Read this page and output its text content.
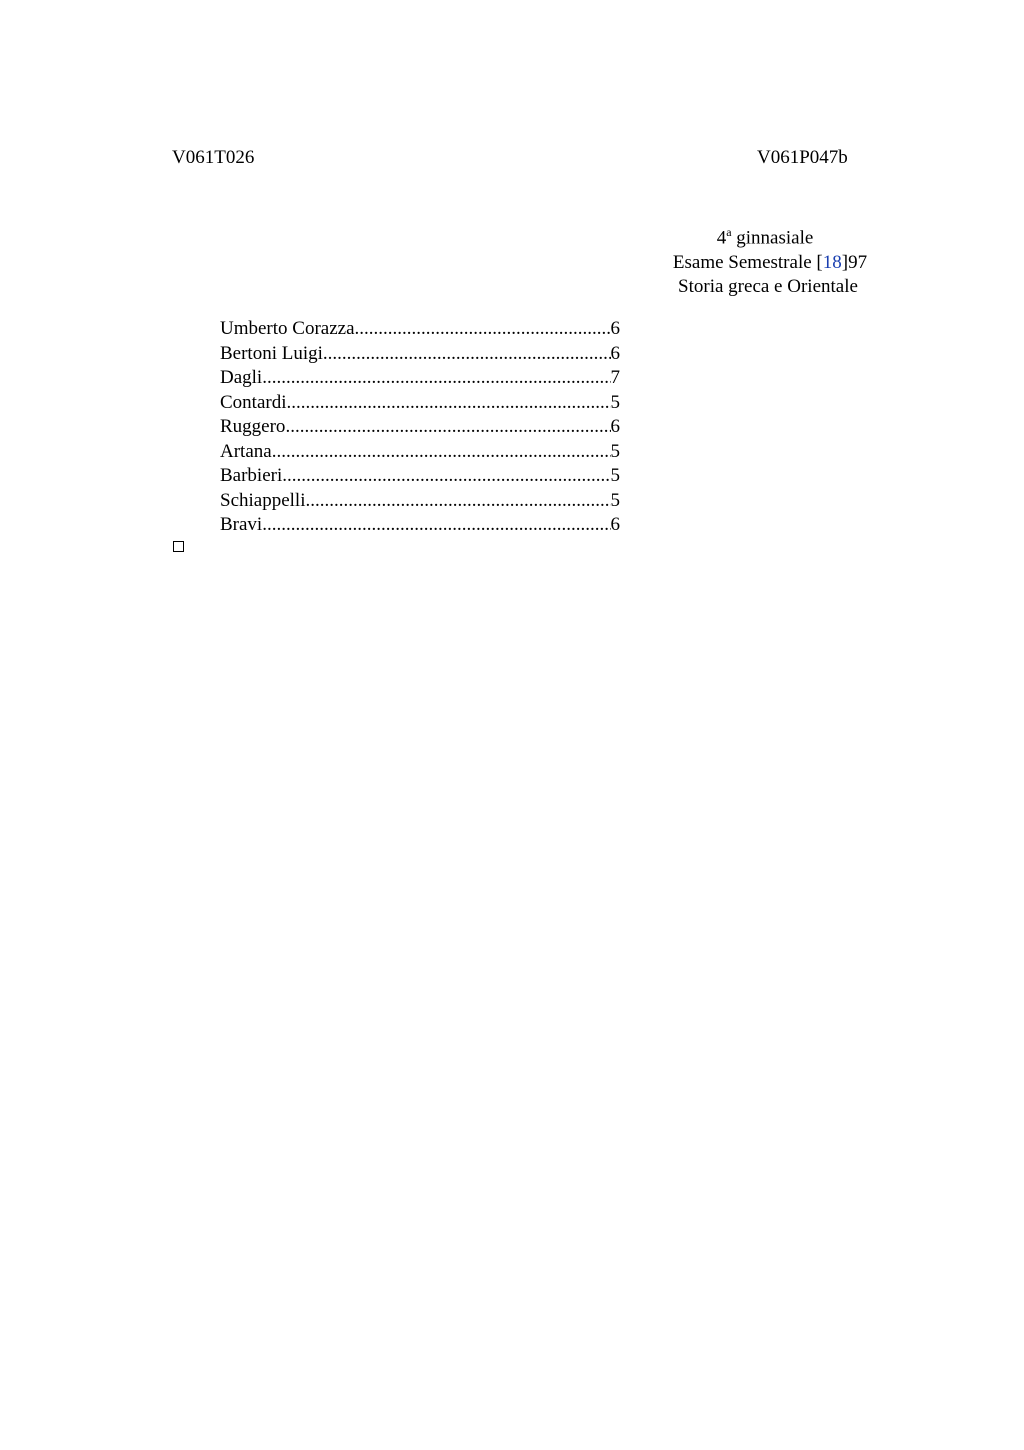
V061T026	V061P047b
4$^a$ ginnasiale
Esame Semestrale [18]97
Storia greca e Orientale
Umberto Corazza .....	6
Bertoni Luigi .....	6
Dagli .....	7
Contardi .....	5
Ruggero .....	6
Artana .....	5
Barbieri .....	5
Schiappelli .....	5
Bravi .....	6
